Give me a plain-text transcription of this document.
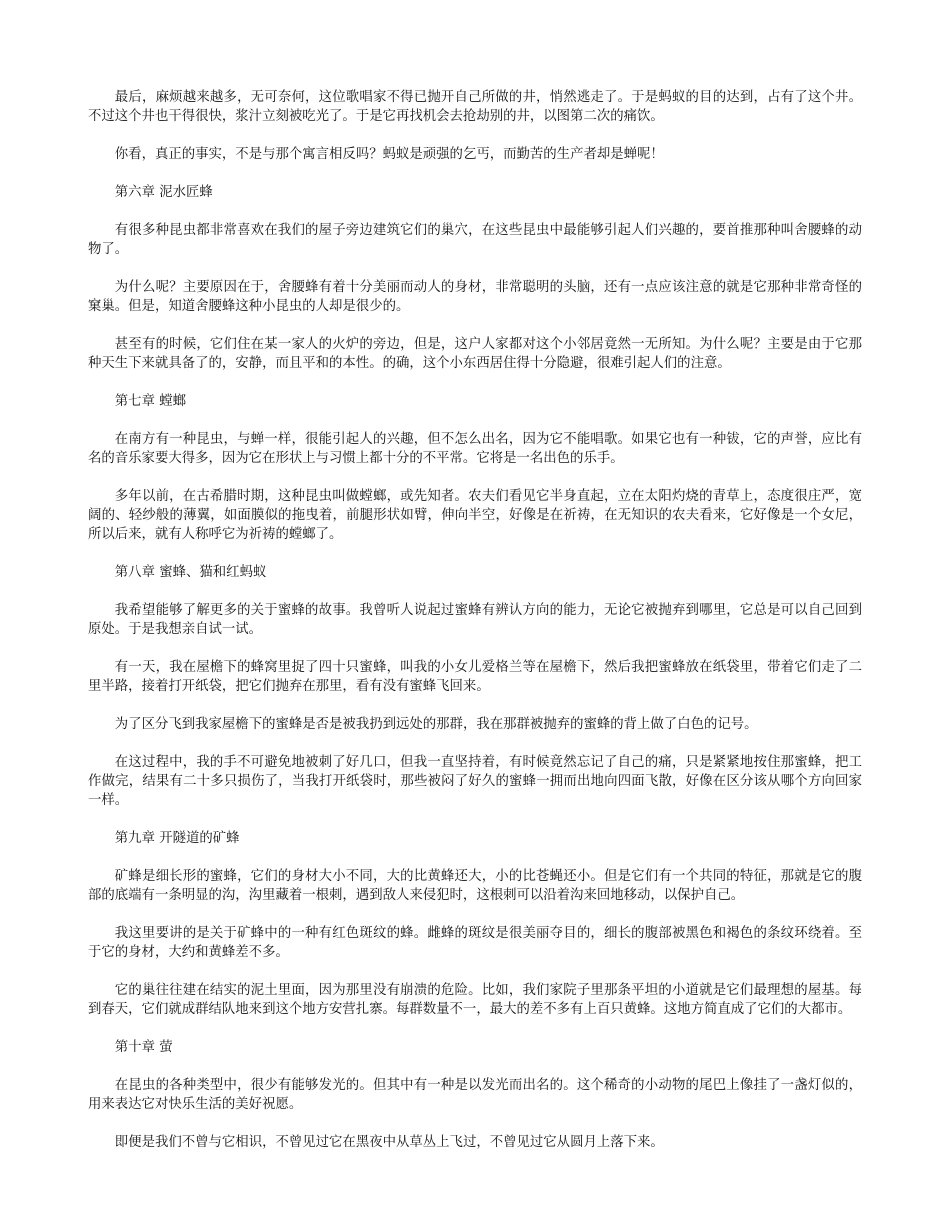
最后，麻烦越来越多，无可奈何，这位歌唱家不得已抛开自己所做的井，悄然逃走了。于是蚂蚁的目的达到，占有了这个井。不过这个井也干得很快，浆汁立刻被吃光了。于是它再找机会去抢劫别的井，以图第二次的痛饮。

你看，真正的事实，不是与那个寓言相反吗？蚂蚁是顽强的乞丐，而勤苦的生产者却是蝉呢！

第六章 泥水匠蜂

有很多种昆虫都非常喜欢在我们的屋子旁边建筑它们的巢穴，在这些昆虫中最能够引起人们兴趣的，要首推那种叫舍腰蜂的动物了。

为什么呢？主要原因在于，舍腰蜂有着十分美丽而动人的身材，非常聪明的头脑，还有一点应该注意的就是它那种非常奇怪的窠巢。但是，知道舍腰蜂这种小昆虫的人却是很少的。

甚至有的时候，它们住在某一家人的火炉的旁边，但是，这户人家都对这个小邻居竟然一无所知。为什么呢？主要是由于它那种天生下来就具备了的，安静，而且平和的本性。的确，这个小东西居住得十分隐避，很难引起人们的注意。

第七章 螳螂

在南方有一种昆虫，与蝉一样，很能引起人的兴趣，但不怎么出名，因为它不能唱歌。如果它也有一种钹，它的声誉，应比有名的音乐家要大得多，因为它在形状上与习惯上都十分的不平常。它将是一名出色的乐手。

多年以前，在古希腊时期，这种昆虫叫做螳螂，或先知者。农夫们看见它半身直起，立在太阳灼烧的青草上，态度很庄严，宽阔的、轻纱般的薄翼，如面膜似的拖曳着，前腿形状如臂，伸向半空，好像是在祈祷，在无知识的农夫看来，它好像是一个女尼，所以后来，就有人称呼它为祈祷的螳螂了。

第八章 蜜蜂、猫和红蚂蚁

我希望能够了解更多的关于蜜蜂的故事。我曾听人说起过蜜蜂有辨认方向的能力，无论它被抛弃到哪里，它总是可以自己回到原处。于是我想亲自试一试。

有一天，我在屋檐下的蜂窝里捉了四十只蜜蜂，叫我的小女儿爱格兰等在屋檐下，然后我把蜜蜂放在纸袋里，带着它们走了二里半路，接着打开纸袋，把它们抛弃在那里，看有没有蜜蜂飞回来。

为了区分飞到我家屋檐下的蜜蜂是否是被我扔到远处的那群，我在那群被抛弃的蜜蜂的背上做了白色的记号。

在这过程中，我的手不可避免地被刺了好几口，但我一直坚持着，有时候竟然忘记了自己的痛，只是紧紧地按住那蜜蜂，把工作做完，结果有二十多只损伤了，当我打开纸袋时，那些被闷了好久的蜜蜂一拥而出地向四面飞散，好像在区分该从哪个方向回家一样。

第九章 开隧道的矿蜂

矿蜂是细长形的蜜蜂，它们的身材大小不同，大的比黄蜂还大，小的比苍蝇还小。但是它们有一个共同的特征，那就是它的腹部的底端有一条明显的沟，沟里藏着一根刺，遇到敌人来侵犯时，这根刺可以沿着沟来回地移动，以保护自己。

我这里要讲的是关于矿蜂中的一种有红色斑纹的蜂。雌蜂的斑纹是很美丽夺目的，细长的腹部被黑色和褐色的条纹环绕着。至于它的身材，大约和黄蜂差不多。

它的巢往往建在结实的泥土里面，因为那里没有崩溃的危险。比如，我们家院子里那条平坦的小道就是它们最理想的屋基。每到春天，它们就成群结队地来到这个地方安营扎寨。每群数量不一，最大的差不多有上百只黄蜂。这地方简直成了它们的大都市。

第十章 萤

在昆虫的各种类型中，很少有能够发光的。但其中有一种是以发光而出名的。这个稀奇的小动物的尾巴上像挂了一盏灯似的，用来表达它对快乐生活的美好祝愿。

即便是我们不曾与它相识，不曾见过它在黑夜中从草丛上飞过，不曾见过它从圆月上落下来。
